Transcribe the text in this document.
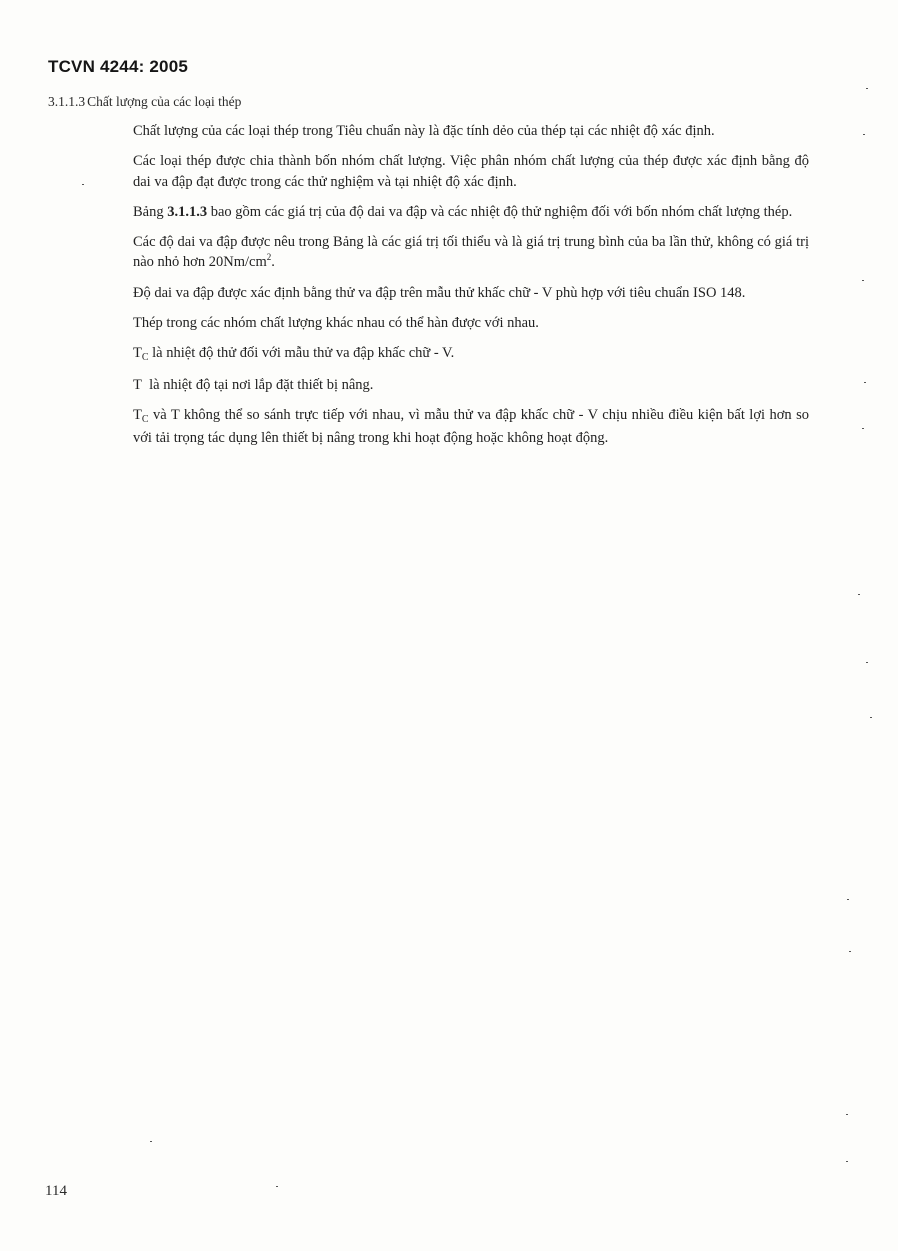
TCVN 4244: 2005
3.1.1.3 Chất lượng của các loại thép

Chất lượng của các loại thép trong Tiêu chuẩn này là đặc tính dẻo của thép tại các nhiệt độ xác định.

Các loại thép được chia thành bốn nhóm chất lượng. Việc phân nhóm chất lượng của thép được xác định bằng độ dai va đập đạt được trong các thử nghiệm và tại nhiệt độ xác định.

Bảng 3.1.1.3 bao gồm các giá trị của độ dai va đập và các nhiệt độ thử nghiệm đối với bốn nhóm chất lượng thép.

Các độ dai va đập được nêu trong Bảng là các giá trị tối thiểu và là giá trị trung bình của ba lần thử, không có giá trị nào nhỏ hơn $20Nm/cm^2$.

Độ dai va đập được xác định bằng thử va đập trên mẫu thử khấc chữ - V phù hợp với tiêu chuẩn ISO 148.

Thép trong các nhóm chất lượng khác nhau có thể hàn được với nhau.

$T_C$ là nhiệt độ thử đối với mẫu thử va đập khấc chữ - V.

T  là nhiệt độ tại nơi lắp đặt thiết bị nâng.

$T_C$ và T không thể so sánh trực tiếp với nhau, vì mẫu thử va đập khấc chữ - V chịu nhiều điều kiện bất lợi hơn so với tải trọng tác dụng lên thiết bị nâng trong khi hoạt động hoặc không hoạt động.

114
